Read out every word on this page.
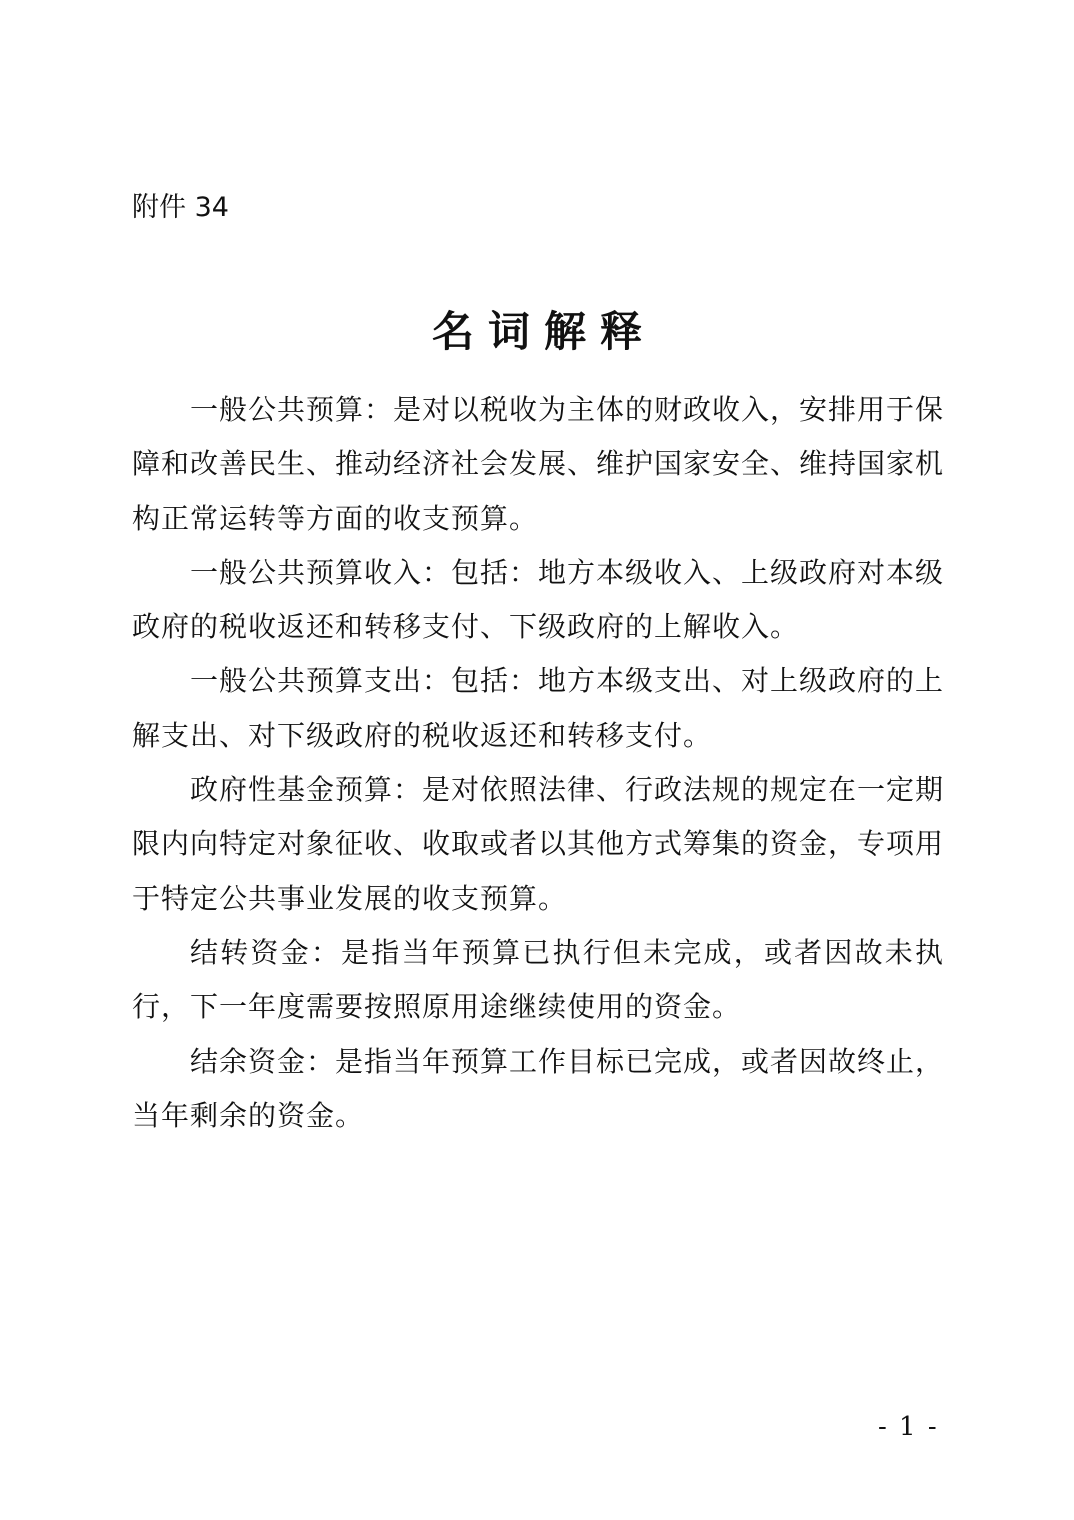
附件 34
名词解释

一般公共预算：是对以税收为主体的财政收入，安排用于保障和改善民生、推动经济社会发展、维护国家安全、维持国家机构正常运转等方面的收支预算。

一般公共预算收入：包括：地方本级收入、上级政府对本级政府的税收返还和转移支付、下级政府的上解收入。

一般公共预算支出：包括：地方本级支出、对上级政府的上解支出、对下级政府的税收返还和转移支付。

政府性基金预算：是对依照法律、行政法规的规定在一定期限内向特定对象征收、收取或者以其他方式筹集的资金，专项用于特定公共事业发展的收支预算。

结转资金：是指当年预算已执行但未完成，或者因故未执行，下一年度需要按照原用途继续使用的资金。

结余资金：是指当年预算工作目标已完成，或者因故终止，当年剩余的资金。

- 1 -
